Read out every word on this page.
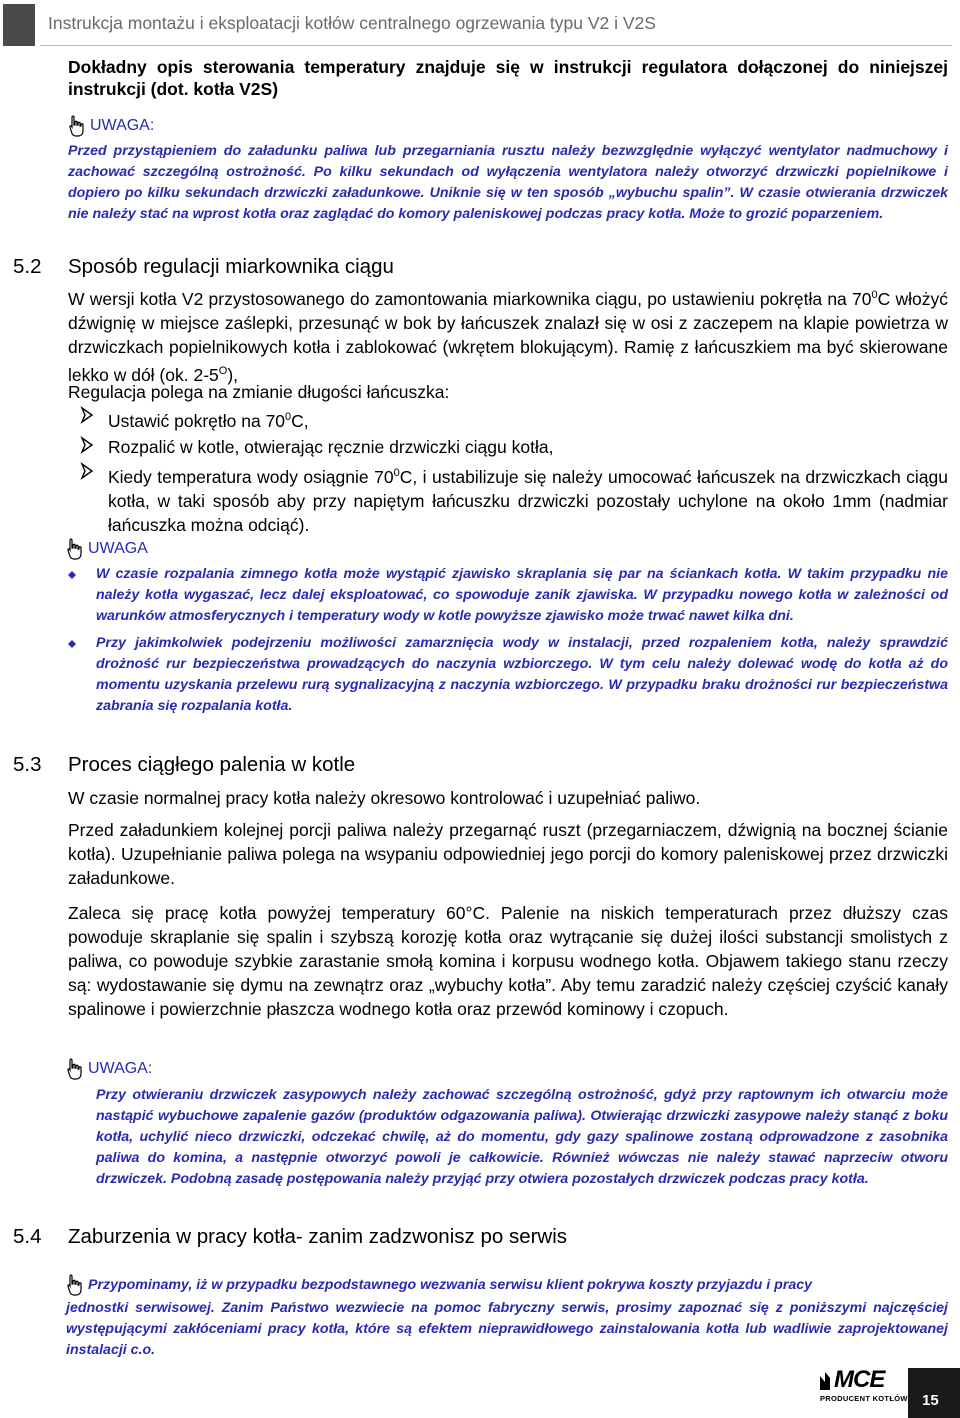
Instrukcja montażu i eksploatacji kotłów centralnego ogrzewania typu V2 i V2S

Dokładny opis sterowania temperatury znajduje się w instrukcji regulatora dołączonej do niniejszej instrukcji (dot. kotła V2S)

UWAGA:

Przed przystąpieniem do załadunku paliwa lub przegarniania rusztu należy bezwzględnie wyłączyć wentylator nadmuchowy i zachować szczególną ostrożność. Po kilku sekundach od wyłączenia wentylatora należy otworzyć drzwiczki popielnikowe i dopiero po kilku sekundach drzwiczki załadunkowe. Uniknie się w ten sposób „wybuchu spalin”. W czasie otwierania drzwiczek nie należy stać na wprost kotła oraz zaglądać do komory paleniskowej podczas pracy kotła. Może to grozić poparzeniem.

5.2 Sposób regulacji miarkownika ciągu

W wersji kotła V2 przystosowanego do zamontowania miarkownika ciągu, po ustawieniu pokrętła na $70^0C$ włożyć dźwignię w miejsce zaślepki, przesunąć w bok by łańcuszek znalazł się w osi z zaczepem na klapie powietrza w drzwiczkach popielnikowych kotła i zablokować (wkrętem blokującym). Ramię z łańcuszkiem ma być skierowane lekko w dół (ok. $2-5^O$),

Regulacja polega na zmianie długości łańcuszka:

Ustawić pokrętło na $70^0C$,
Rozpalić w kotle, otwierając ręcznie drzwiczki ciągu kotła,
Kiedy temperatura wody osiągnie $70^0C$, i ustabilizuje się należy umocować łańcuszek na drzwiczkach ciągu kotła, w taki sposób aby przy napiętym łańcuszku drzwiczki pozostały uchylone na około 1mm (nadmiar łańcuszka można odciąć).
UWAGA
W czasie rozpalania zimnego kotła może wystąpić zjawisko skraplania się par na ściankach kotła. W takim przypadku nie należy kotła wygaszać, lecz dalej eksploatować, co spowoduje zanik zjawiska. W przypadku nowego kotła w zależności od warunków atmosferycznych i temperatury wody w kotle powyższe zjawisko może trwać nawet kilka dni.
Przy jakimkolwiek podejrzeniu możliwości zamarznięcia wody w instalacji, przed rozpaleniem kotła, należy sprawdzić drożność rur bezpieczeństwa prowadzących do naczynia wzbiorczego. W tym celu należy dolewać wodę do kotła aż do momentu uzyskania przelewu rurą sygnalizacyjną z naczynia wzbiorczego. W przypadku braku drożności rur bezpieczeństwa zabrania się rozpalania kotła.
5.3 Proces ciągłego palenia w kotle

W czasie normalnej pracy kotła należy okresowo kontrolować i uzupełniać paliwo.

Przed załadunkiem kolejnej porcji paliwa należy przegarnąć ruszt (przegarniaczem, dźwignią na bocznej ścianie kotła). Uzupełnianie paliwa polega na wsypaniu odpowiedniej jego porcji do komory paleniskowej przez drzwiczki załadunkowe.

Zaleca się pracę kotła powyżej temperatury 60°C. Palenie na niskich temperaturach przez dłuższy czas powoduje skraplanie się spalin i szybszą korozję kotła oraz wytrącanie się dużej ilości substancji smolistych z paliwa, co powoduje szybkie zarastanie smołą komina i korpusu wodnego kotła. Objawem takiego stanu rzeczy są: wydostawanie się dymu na zewnątrz oraz „wybuchy kotła”. Aby temu zaradzić należy częściej czyścić kanały spalinowe i powierzchnie płaszcza wodnego kotła oraz przewód kominowy i czopuch.

UWAGA:

Przy otwieraniu drzwiczek zasypowych należy zachować szczególną ostrożność, gdyż przy raptownym ich otwarciu może nastąpić wybuchowe zapalenie gazów (produktów odgazowania paliwa). Otwierając drzwiczki zasypowe należy stanąć z boku kotła, uchylić nieco drzwiczki, odczekać chwilę, aż do momentu, gdy gazy spalinowe zostaną odprowadzone z zasobnika paliwa do komina, a następnie otworzyć powoli je całkowicie. Również wówczas nie należy stawać naprzeciw otworu drzwiczek. Podobną zasadę postępowania należy przyjąć przy otwiera pozostałych drzwiczek podczas pracy kotła.

5.4 Zaburzenia w pracy kotła- zanim zadzwonisz po serwis
Przypominamy, iż w przypadku bezpodstawnego wezwania serwisu klient pokrywa koszty przyjazdu i pracy

jednostki serwisowej. Zanim Państwo wezwiecie na pomoc fabryczny serwis, prosimy zapoznać się z poniższymi najczęściej występującymi zakłóceniami pracy kotła, które są efektem nieprawidłowego zainstalowania kotła lub wadliwie zaprojektowanej instalacji c.o.

MCE
PRODUCENT KOTŁÓW 15
